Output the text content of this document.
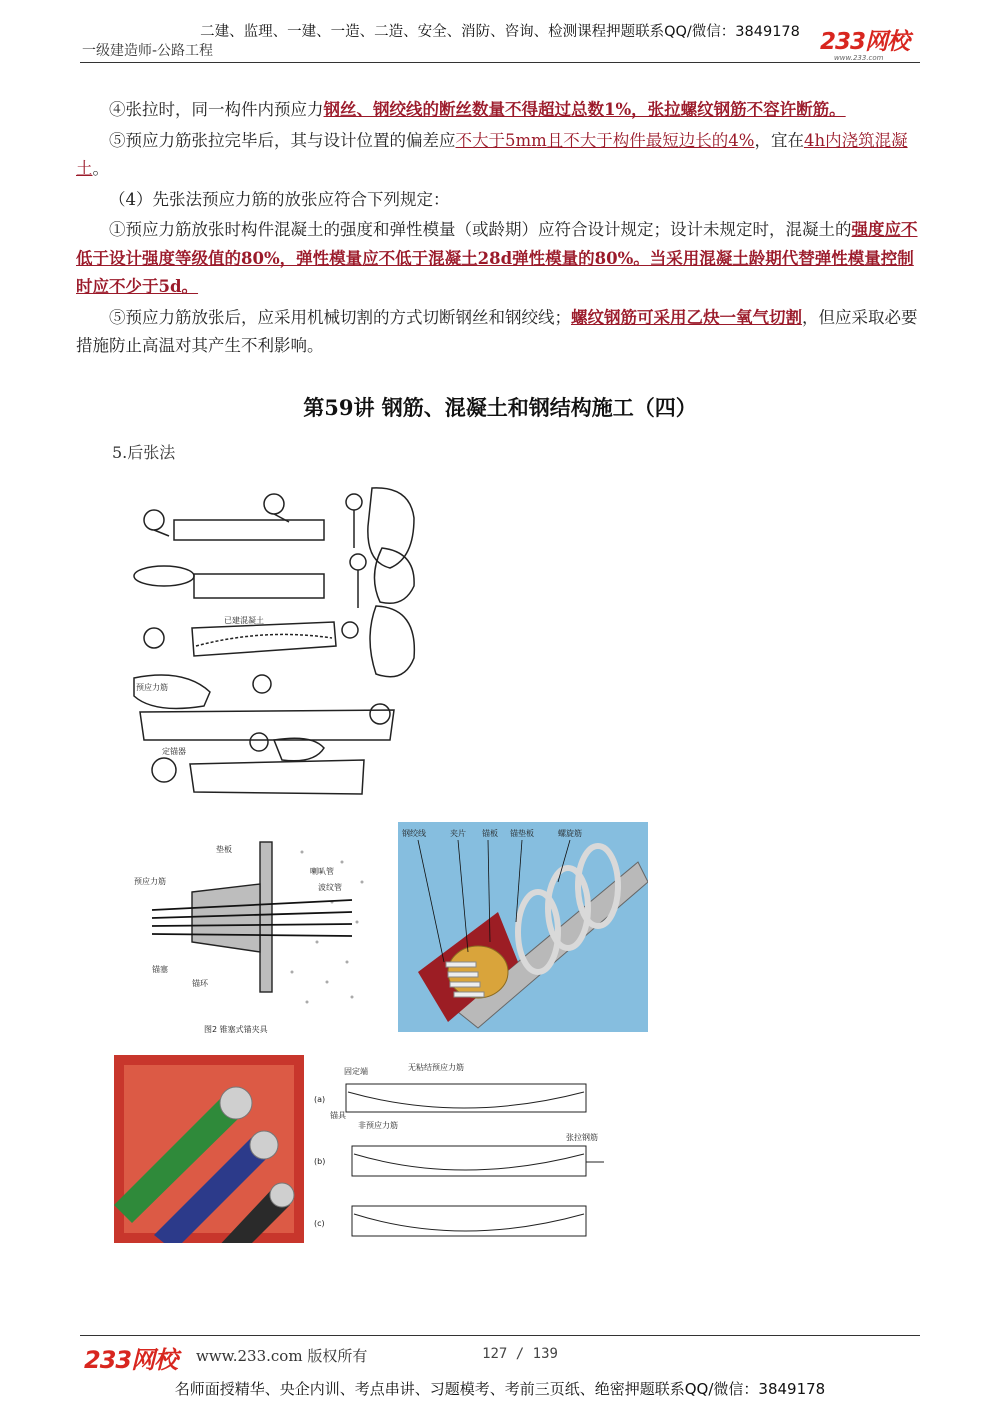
二建、监理、一建、一造、二造、安全、消防、咨询、检测课程押题联系QQ/微信：3849178
一级建造师-公路工程	233网校
www.233.com

④张拉时，同一构件内预应力钢丝、钢绞线的断丝数量不得超过总数1%，张拉螺纹钢筋不容许断筋。

⑤预应力筋张拉完毕后，其与设计位置的偏差应不大于5mm且不大于构件最短边长的4%，宜在4h内浇筑混凝土。

（4）先张法预应力筋的放张应符合下列规定：

①预应力筋放张时构件混凝土的强度和弹性模量（或龄期）应符合设计规定；设计未规定时，混凝土的强度应不低于设计强度等级值的80%，弹性模量应不低于混凝土28d弹性模量的80%。当采用混凝土龄期代替弹性模量控制时应不少于5d。

⑤预应力筋放张后，应采用机械切割的方式切断钢丝和钢绞线；螺纹钢筋可采用乙炔一氧气切割，但应采取必要措施防止高温对其产生不利影响。

第59讲 钢筋、混凝土和钢结构施工（四）
5.后张法
已建混凝土
预应力筋
定锚器
垫板
预应力筋
喇叭管
波纹管
锚塞
锚环
图2 锥塞式锚夹具
钢绞线	夹片 锚板 锚垫板	螺旋筋
固定端	无粘结预应力筋
锚具
非预应力筋
张拉钢筋
(a)
(b)
(c)
233网校 www.233.com 版权所有	127 / 139
名师面授精华、央企内训、考点串讲、习题模考、考前三页纸、绝密押题联系QQ/微信：3849178
